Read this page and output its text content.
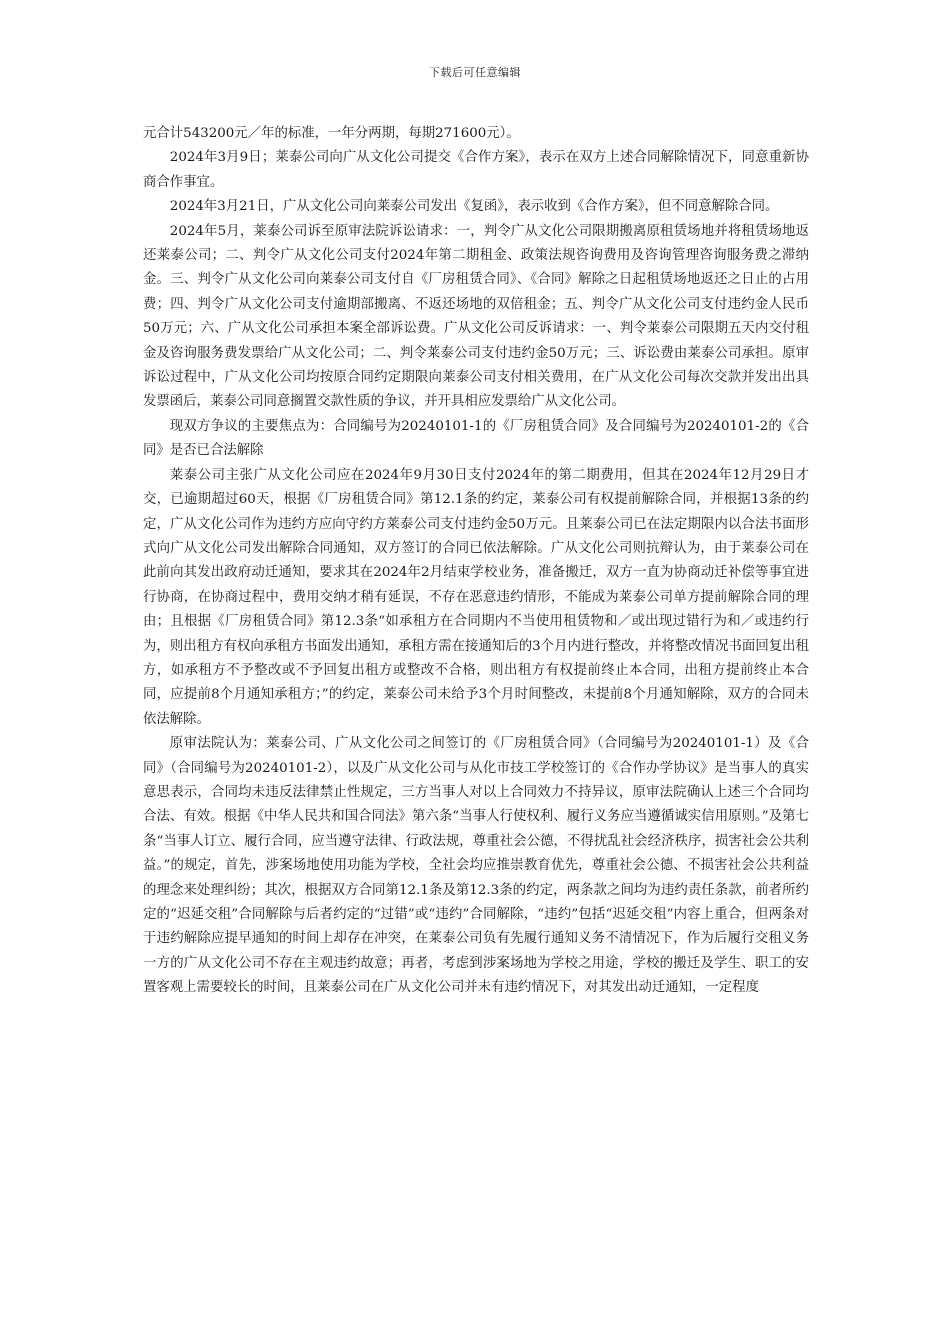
下载后可任意编辑

元合计543200元／年的标准，一年分两期，每期271600元）。

2024年3月9日；莱泰公司向广从文化公司提交《合作方案》，表示在双方上述合同解除情况下，同意重新协商合作事宜。

2024年3月21日，广从文化公司向莱泰公司发出《复函》，表示收到《合作方案》，但不同意解除合同。

2024年5月，莱泰公司诉至原审法院诉讼请求：一，判令广从文化公司限期搬离原租赁场地并将租赁场地返还莱泰公司；二、判令广从文化公司支付2024年第二期租金、政策法规咨询费用及咨询管理咨询服务费之滞纳金。三、判令广从文化公司向莱泰公司支付自《厂房租赁合同》、《合同》解除之日起租赁场地返还之日止的占用费；四、判令广从文化公司支付逾期部搬离、不返还场地的双倍租金；五、判令广从文化公司支付违约金人民币50万元；六、广从文化公司承担本案全部诉讼费。广从文化公司反诉请求：一、判令莱泰公司限期五天内交付租金及咨询服务费发票给广从文化公司；二、判令莱泰公司支付违约金50万元；三、诉讼费由莱泰公司承担。原审诉讼过程中，广从文化公司均按原合同约定期限向莱泰公司支付相关费用，在广从文化公司每次交款并发出出具发票函后，莱泰公司同意搁置交款性质的争议，并开具相应发票给广从文化公司。

现双方争议的主要焦点为：合同编号为20240101-1的《厂房租赁合同》及合同编号为20240101-2的《合同》是否已合法解除

莱泰公司主张广从文化公司应在2024年9月30日支付2024年的第二期费用，但其在2024年12月29日才交，已逾期超过60天，根据《厂房租赁合同》第12.1条的约定，莱泰公司有权提前解除合同，并根据13条的约定，广从文化公司作为违约方应向守约方莱泰公司支付违约金50万元。且莱泰公司已在法定期限内以合法书面形式向广从文化公司发出解除合同通知，双方签订的合同已依法解除。广从文化公司则抗辩认为，由于莱泰公司在此前向其发出政府动迁通知，要求其在2024年2月结束学校业务，准备搬迁，双方一直为协商动迁补偿等事宜进行协商，在协商过程中，费用交纳才稍有延误，不存在恶意违约情形，不能成为莱泰公司单方提前解除合同的理由；且根据《厂房租赁合同》第12.3条“如承租方在合同期内不当使用租赁物和／或出现过错行为和／或违约行为，则出租方有权向承租方书面发出通知，承租方需在接通知后的3个月内进行整改，并将整改情况书面回复出租方，如承租方不予整改或不予回复出租方或整改不合格，则出租方有权提前终止本合同，出租方提前终止本合同，应提前8个月通知承租方；”的约定，莱泰公司未给予3个月时间整改，未提前8个月通知解除，双方的合同未依法解除。

原审法院认为：莱泰公司、广从文化公司之间签订的《厂房租赁合同》（合同编号为20240101-1）及《合同》（合同编号为20240101-2），以及广从文化公司与从化市技工学校签订的《合作办学协议》是当事人的真实意思表示，合同均未违反法律禁止性规定，三方当事人对以上合同效力不持异议，原审法院确认上述三个合同均合法、有效。根据《中华人民共和国合同法》第六条“当事人行使权利、履行义务应当遵循诚实信用原则。”及第七条“当事人订立、履行合同，应当遵守法律、行政法规，尊重社会公德，不得扰乱社会经济秩序，损害社会公共利益。”的规定，首先，涉案场地使用功能为学校，全社会均应推崇教育优先，尊重社会公德、不损害社会公共利益的理念来处理纠纷；其次，根据双方合同第12.1条及第12.3条的约定，两条款之间均为违约责任条款，前者所约定的“迟延交租”合同解除与后者约定的“过错”或“违约”合同解除，“违约”包括“迟延交租”内容上重合，但两条对于违约解除应提早通知的时间上却存在冲突，在莱泰公司负有先履行通知义务不清情况下，作为后履行交租义务一方的广从文化公司不存在主观违约故意；再者，考虑到涉案场地为学校之用途，学校的搬迁及学生、职工的安置客观上需要较长的时间，且莱泰公司在广从文化公司并未有违约情况下，对其发出动迁通知，一定程度
